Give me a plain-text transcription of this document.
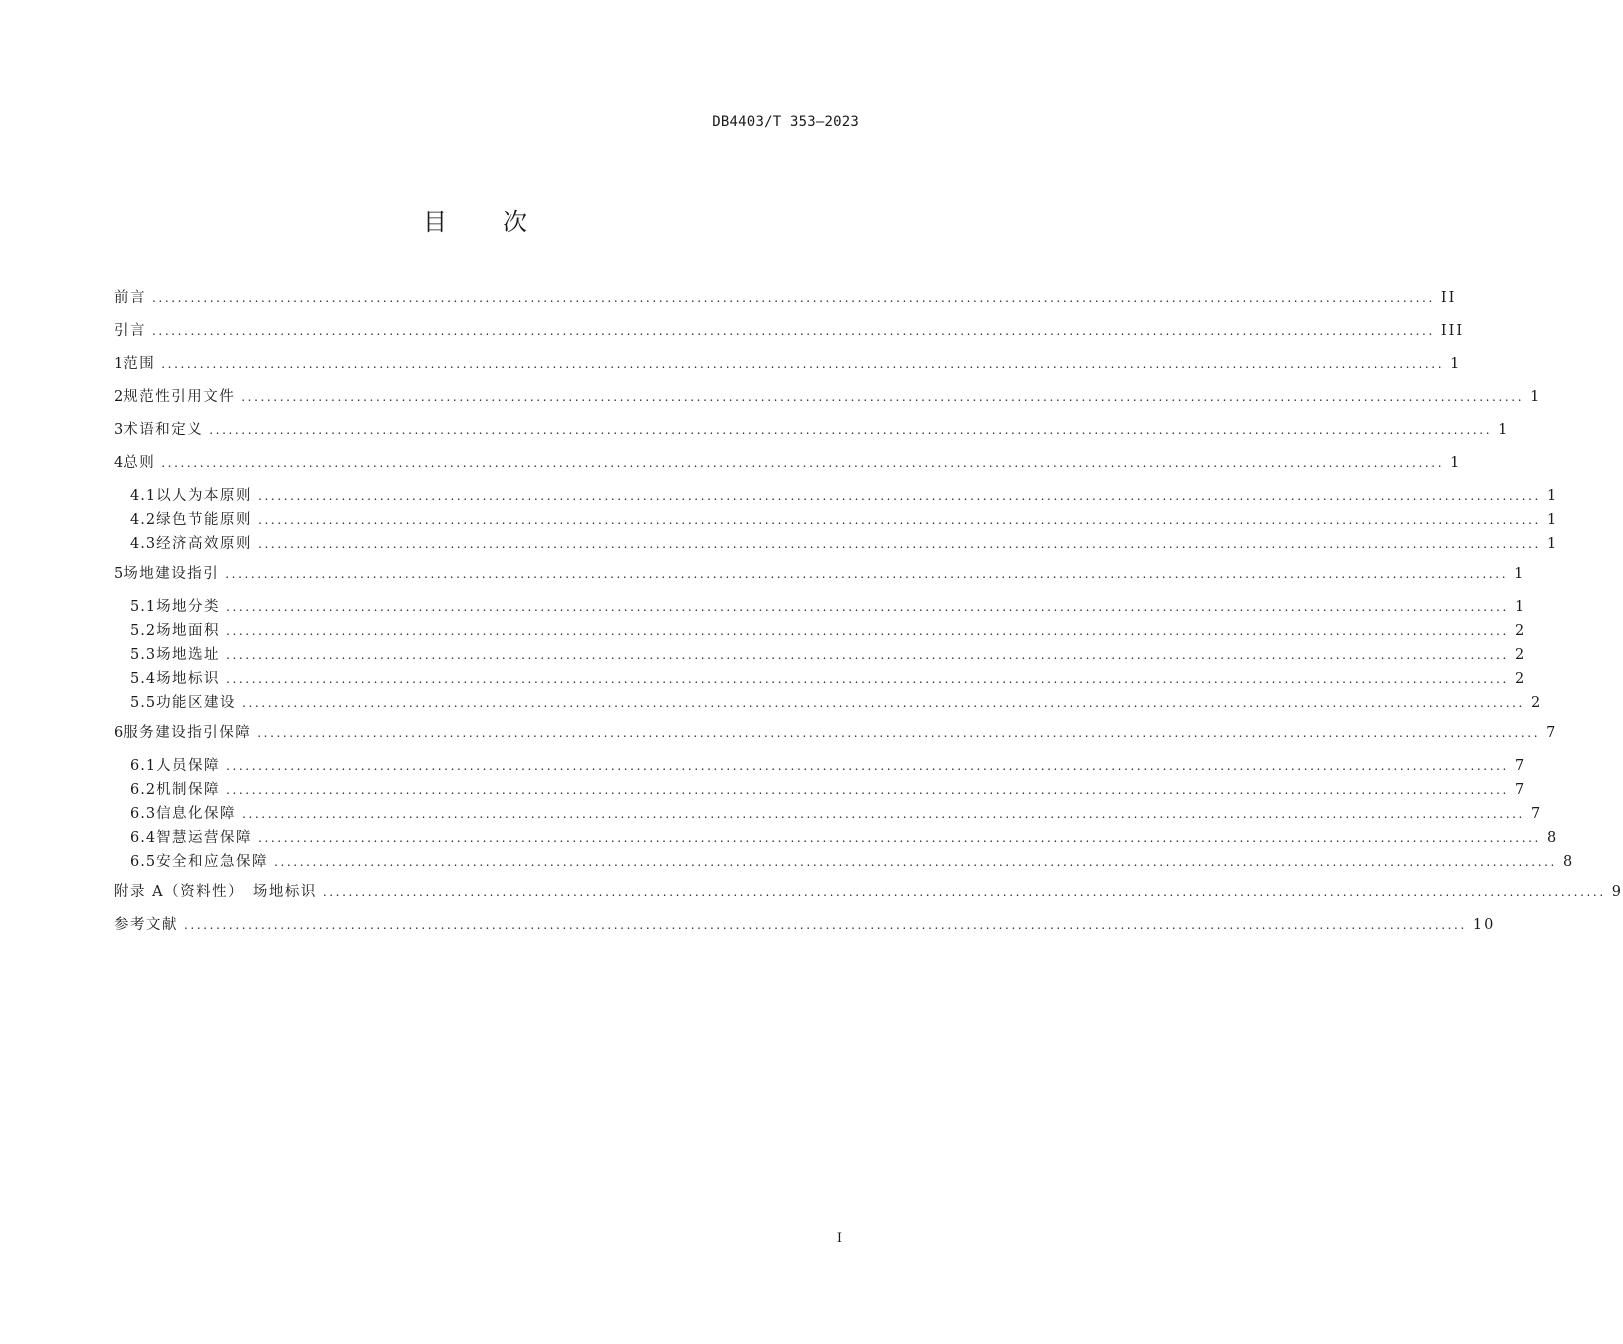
DB4403/T 353—2023
目次
前言 ........................................................................................................................................................................................................ II
引言 ........................................................................................................................................................................................................ III
1 范围 ........................................................................................................................................................................................................ 1
2 规范性引用文件 ........................................................................................................................................................................................................ 1
3 术语和定义 ........................................................................................................................................................................................................ 1
4 总则 ........................................................................................................................................................................................................ 1
4.1 以人为本原则 ........................................................................................................................................................................................................ 1
4.2 绿色节能原则 ........................................................................................................................................................................................................ 1
4.3 经济高效原则 ........................................................................................................................................................................................................ 1
5 场地建设指引 ........................................................................................................................................................................................................ 1
5.1 场地分类 ........................................................................................................................................................................................................ 1
5.2 场地面积 ........................................................................................................................................................................................................ 2
5.3 场地选址 ........................................................................................................................................................................................................ 2
5.4 场地标识 ........................................................................................................................................................................................................ 2
5.5 功能区建设 ........................................................................................................................................................................................................ 2
6 服务建设指引保障 ........................................................................................................................................................................................................ 7
6.1 人员保障 ........................................................................................................................................................................................................ 7
6.2 机制保障 ........................................................................................................................................................................................................ 7
6.3 信息化保障 ........................................................................................................................................................................................................ 7
6.4 智慧运营保障 ........................................................................................................................................................................................................ 8
6.5 安全和应急保障 ........................................................................................................................................................................................................ 8
附录 A（资料性）　场地标识 ........................................................................................................................................................................................................ 9
参考文献 ........................................................................................................................................................................................................ 10
I
